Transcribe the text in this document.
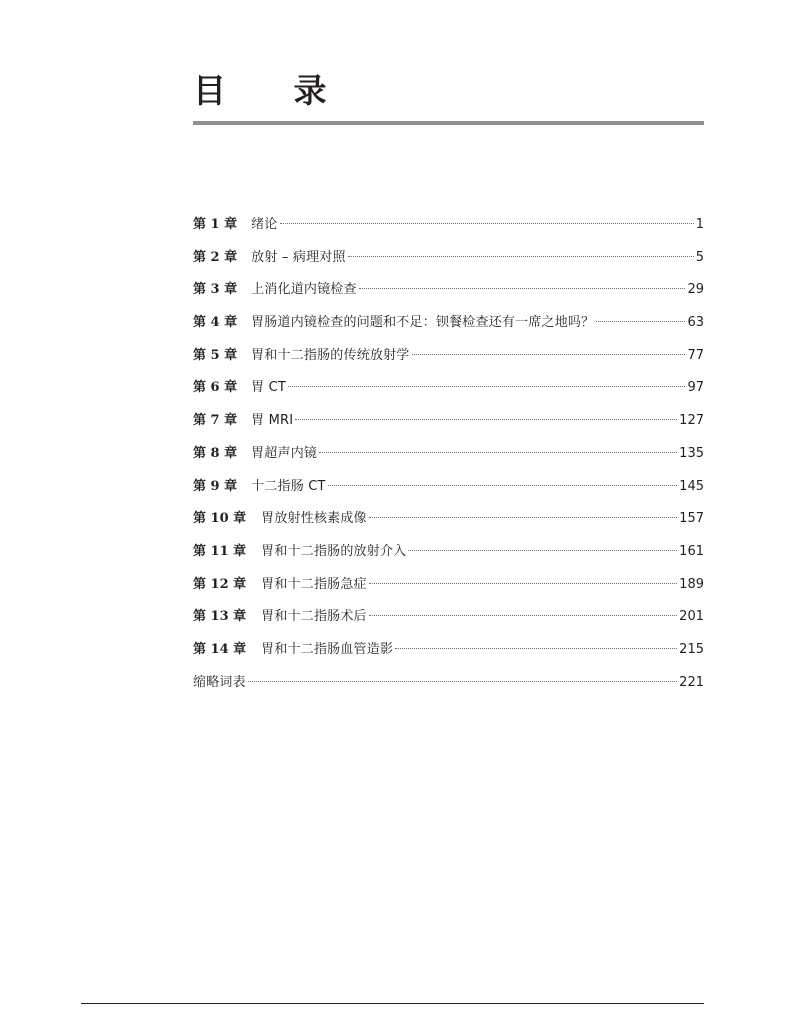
目 录
第 1 章 绪论	1
第 2 章 放射 – 病理对照	5
第 3 章 上消化道内镜检查	29
第 4 章 胃肠道内镜检查的问题和不足：钡餐检查还有一席之地吗？	63
第 5 章 胃和十二指肠的传统放射学	77
第 6 章 胃 CT	97
第 7 章 胃 MRI	127
第 8 章 胃超声内镜	135
第 9 章 十二指肠 CT	145
第 10 章 胃放射性核素成像	157
第 11 章 胃和十二指肠的放射介入	161
第 12 章 胃和十二指肠急症	189
第 13 章 胃和十二指肠术后	201
第 14 章 胃和十二指肠血管造影	215
缩略词表	221
